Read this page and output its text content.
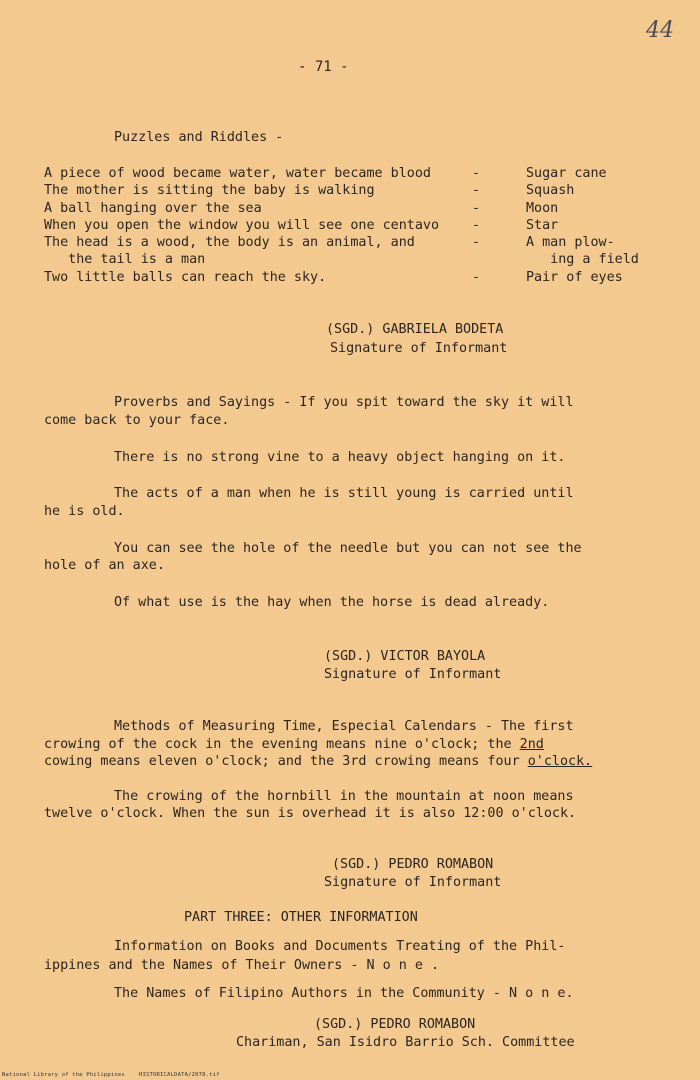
44
- 71 -
Puzzles and Riddles -
A piece of wood became water, water became blood	-	Sugar cane
The mother is sitting the baby is walking	-	Squash
A ball hanging over the sea	-	Moon
When you open the window you will see one centavo -	Star
The head is a wood, the body is an animal, and	-	A man plow-
the tail is a man	ing a field
Two little balls can reach the sky.	-	Pair of eyes
(SGD.) GABRIELA BODETA
Signature of Informant
Proverbs and Sayings - If you spit toward the sky it will
come back to your face.
There is no strong vine to a heavy object hanging on it.
The acts of a man when he is still young is carried until
he is old.
You can see the hole of the needle but you can not see the
hole of an axe.
Of what use is the hay when the horse is dead already.
(SGD.) VICTOR BAYOLA
Signature of Informant
Methods of Measuring Time, Especial Calendars - The first
crowing of the cock in the evening means nine o'clock; the 2nd
cowing means eleven o'clock; and the 3rd crowing means four o'clock.
The crowing of the hornbill in the mountain at noon means
twelve o'clock. When the sun is overhead it is also 12:00 o'clock.
(SGD.) PEDRO ROMABON
Signature of Informant
PART THREE: OTHER INFORMATION
Information on Books and Documents Treating of the Phil-
ippines and the Names of Their Owners - N o n e .
The Names of Filipino Authors in the Community - N o n e.
(SGD.) PEDRO ROMABON
Chariman, San Isidro Barrio Sch. Committee
National Library of the Philippines    HISTORICALDATA/2078.tif
